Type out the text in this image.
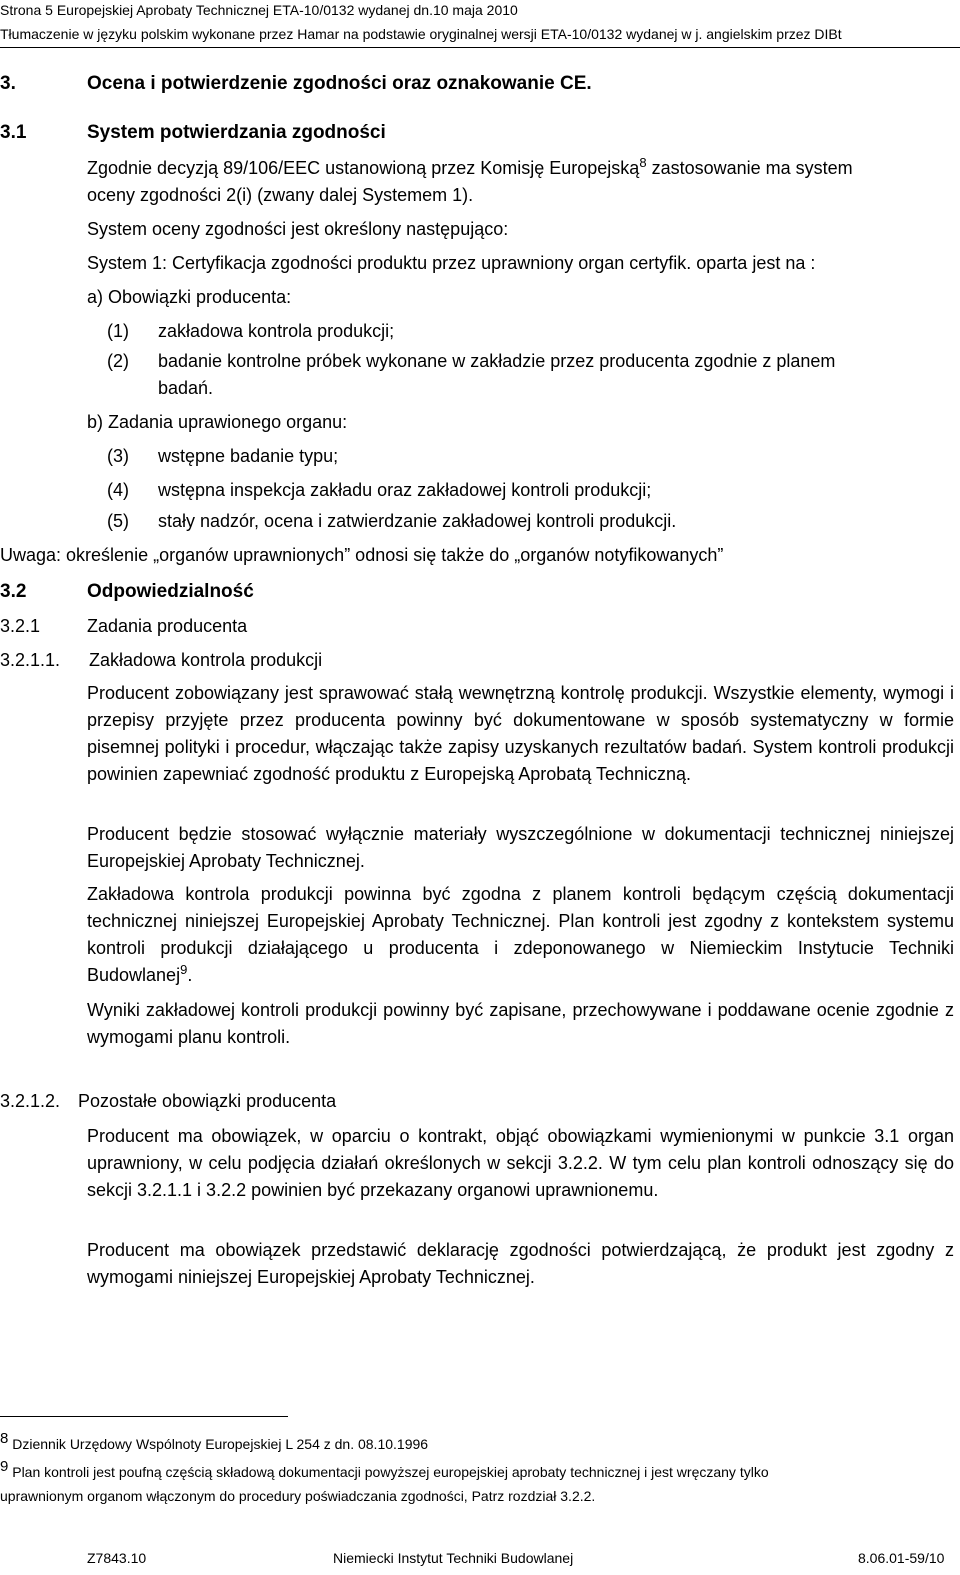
Strona 5 Europejskiej Aprobaty Technicznej ETA-10/0132 wydanej dn.10 maja 2010
Tłumaczenie w języku polskim wykonane przez Hamar na podstawie oryginalnej wersji ETA-10/0132 wydanej w j. angielskim przez DIBt
3.	Ocena i potwierdzenie zgodności oraz oznakowanie CE.
3.1	System potwierdzania zgodności
Zgodnie decyzją 89/106/EEC ustanowioną przez Komisję Europejską$^8$ zastosowanie ma system
oceny zgodności 2(i) (zwany dalej Systemem 1).
System oceny zgodności jest określony następująco:
System 1: Certyfikacja zgodności produktu przez uprawniony organ certyfik. oparta jest na :
a) Obowiązki producenta:
(1) zakładowa kontrola produkcji;
(2) badanie kontrolne próbek wykonane w zakładzie przez producenta zgodnie z planem
badań.
b) Zadania uprawionego organu:
(3) wstępne badanie typu;
(4) wstępna inspekcja zakładu oraz zakładowej kontroli produkcji;
(5) stały nadzór, ocena i zatwierdzanie zakładowej kontroli produkcji.
Uwaga: określenie „organów uprawnionych” odnosi się także do „organów notyfikowanych”
3.2	Odpowiedzialność
3.2.1	Zadania producenta
3.2.1.1. Zakładowa kontrola produkcji
Producent zobowiązany jest sprawować stałą wewnętrzną kontrolę produkcji. Wszystkie elementy, wymogi i przepisy przyjęte przez producenta powinny być dokumentowane w sposób systematyczny w formie pisemnej polityki i procedur, włączając także zapisy uzyskanych rezultatów badań. System kontroli produkcji powinien zapewniać zgodność produktu z Europejską Aprobatą Techniczną.
Producent będzie stosować wyłącznie materiały wyszczególnione w dokumentacji technicznej niniejszej Europejskiej Aprobaty Technicznej.
Zakładowa kontrola produkcji powinna być zgodna z planem kontroli będącym częścią dokumentacji technicznej niniejszej Europejskiej Aprobaty Technicznej. Plan kontroli jest zgodny z kontekstem systemu kontroli produkcji działającego u producenta i zdeponowanego w Niemieckim Instytucie Techniki Budowlanej$^9$.
Wyniki zakładowej kontroli produkcji powinny być zapisane, przechowywane i poddawane ocenie zgodnie z wymogami planu kontroli.
3.2.1.2. Pozostałe obowiązki producenta
Producent ma obowiązek, w oparciu o kontrakt, objąć obowiązkami wymienionymi w punkcie 3.1 organ uprawniony, w celu podjęcia działań określonych w sekcji 3.2.2. W tym celu plan kontroli odnoszący się do sekcji 3.2.1.1 i 3.2.2 powinien być przekazany organowi uprawnionemu.
Producent ma obowiązek przedstawić deklarację zgodności potwierdzającą, że produkt jest zgodny z wymogami niniejszej Europejskiej Aprobaty Technicznej.
8 Dziennik Urzędowy Wspólnoty Europejskiej L 254 z dn. 08.10.1996
9 Plan kontroli jest poufną częścią składową dokumentacji powyższej europejskiej aprobaty technicznej i jest wręczany tylko
uprawnionym organom włączonym do procedury poświadczania zgodności, Patrz rozdział 3.2.2.
Z7843.10	Niemiecki Instytut Techniki Budowlanej	8.06.01-59/10
